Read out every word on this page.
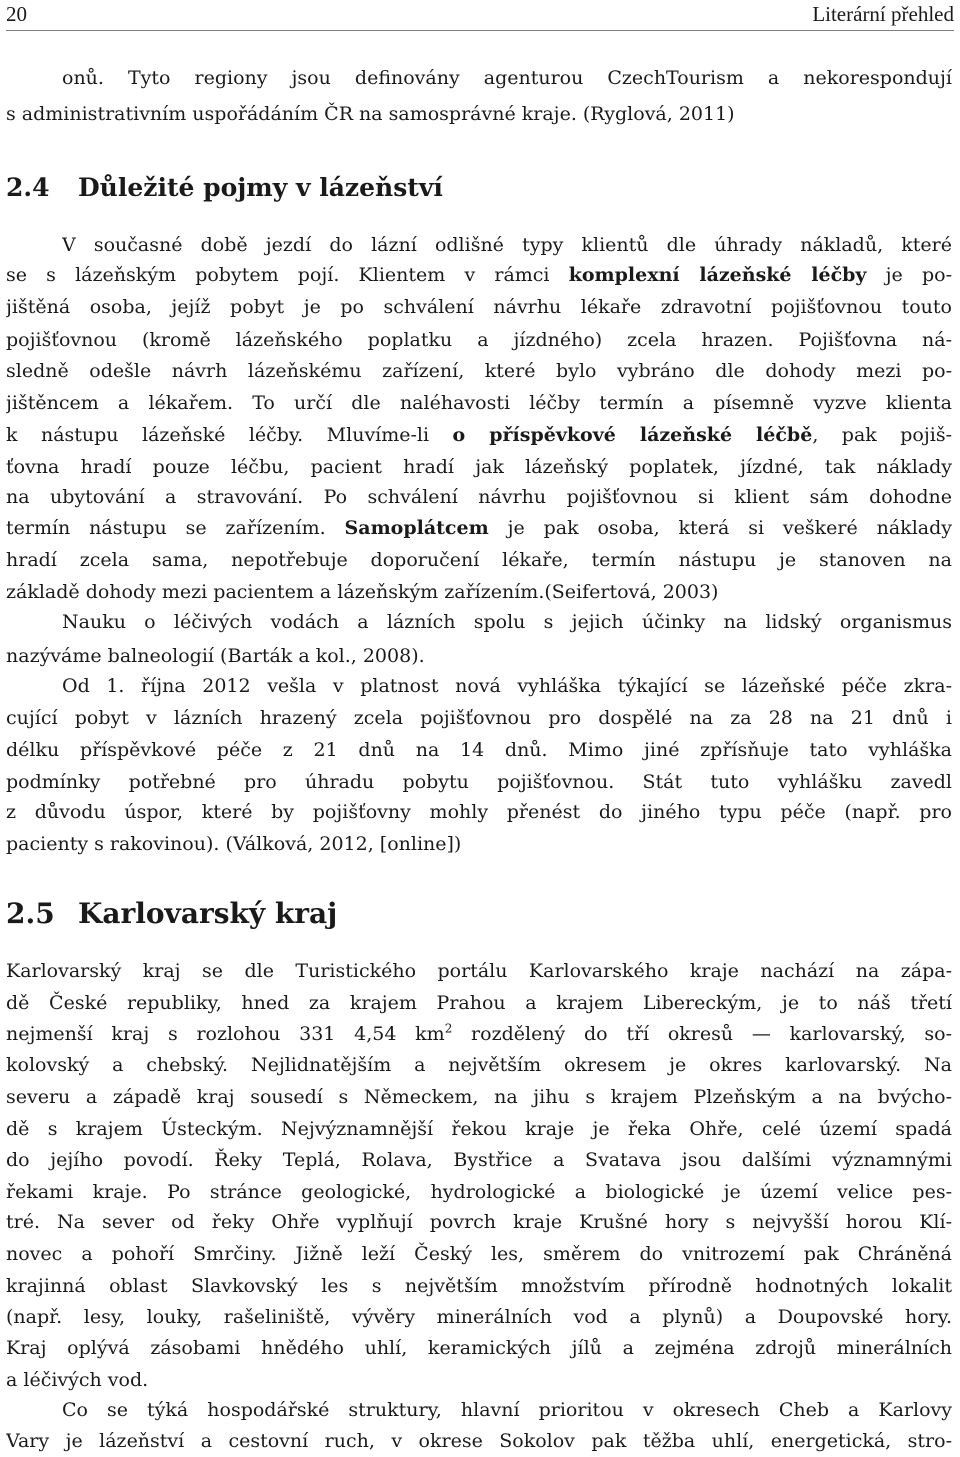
20	Literární přehled
onů. Tyto regiony jsou definovány agenturou CzechTourism a nekorespondují
s administrativním uspořádáním ČR na samosprávné kraje. (Ryglová, 2011)
2.4 Důležité pojmy v lázeňství
V současné době jezdí do lázní odlišné typy klientů dle úhrady nákladů, které
se s lázeňským pobytem pojí. Klientem v rámci komplexní lázeňské léčby je po-
jištěná osoba, jejíž pobyt je po schválení návrhu lékaře zdravotní pojišťovnou touto
pojišťovnou (kromě lázeňského poplatku a jízdného) zcela hrazen. Pojišťovna ná-
sledně odešle návrh lázeňskému zařízení, které bylo vybráno dle dohody mezi po-
jištěncem a lékařem. To určí dle naléhavosti léčby termín a písemně vyzve klienta
k nástupu lázeňské léčby. Mluvíme-li o příspěvkové lázeňské léčbě, pak pojiš-
ťovna hradí pouze léčbu, pacient hradí jak lázeňský poplatek, jízdné, tak náklady
na ubytování a stravování. Po schválení návrhu pojišťovnou si klient sám dohodne
termín nástupu se zařízením. Samoplátcem je pak osoba, která si veškeré náklady
hradí zcela sama, nepotřebuje doporučení lékaře, termín nástupu je stanoven na
základě dohody mezi pacientem a lázeňským zařízením.(Seifertová, 2003)
Nauku o léčivých vodách a lázních spolu s jejich účinky na lidský organismus
nazýváme balneologií (Barták a kol., 2008).
Od 1. října 2012 vešla v platnost nová vyhláška týkající se lázeňské péče zkra-
cující pobyt v lázních hrazený zcela pojišťovnou pro dospělé na za 28 na 21 dnů i
délku příspěvkové péče z 21 dnů na 14 dnů. Mimo jiné zpřísňuje tato vyhláška
podmínky potřebné pro úhradu pobytu pojišťovnou. Stát tuto vyhlášku zavedl
z důvodu úspor, které by pojišťovny mohly přenést do jiného typu péče (např. pro
pacienty s rakovinou). (Válková, 2012, [online])
2.5 Karlovarský kraj
Karlovarský kraj se dle Turistického portálu Karlovarského kraje nachází na zápa-
dě České republiky, hned za krajem Prahou a krajem Libereckým, je to náš třetí
nejmenší kraj s rozlohou 331 4,54 $km^2$ rozdělený do tří okresů — karlovarský, so-
kolovský a chebský. Nejlidnatějším a největším okresem je okres karlovarský. Na
severu a západě kraj sousedí s Německem, na jihu s krajem Plzeňským a na bvýcho-
dě s krajem Ústeckým. Nejvýznamnější řekou kraje je řeka Ohře, celé území spadá
do jejího povodí. Řeky Teplá, Rolava, Bystřice a Svatava jsou dalšími významnými
řekami kraje. Po stránce geologické, hydrologické a biologické je území velice pes-
tré. Na sever od řeky Ohře vyplňují povrch kraje Krušné hory s nejvyšší horou Klí-
novec a pohoří Smrčiny. Jižně leží Český les, směrem do vnitrozemí pak Chráněná
krajinná oblast Slavkovský les s největším množstvím přírodně hodnotných lokalit
(např. lesy, louky, rašeliniště, vývěry minerálních vod a plynů) a Doupovské hory.
Kraj oplývá zásobami hnědého uhlí, keramických jílů a zejména zdrojů minerálních
a léčivých vod.
Co se týká hospodářské struktury, hlavní prioritou v okresech Cheb a Karlovy
Vary je lázeňství a cestovní ruch, v okrese Sokolov pak těžba uhlí, energetická, stro-
